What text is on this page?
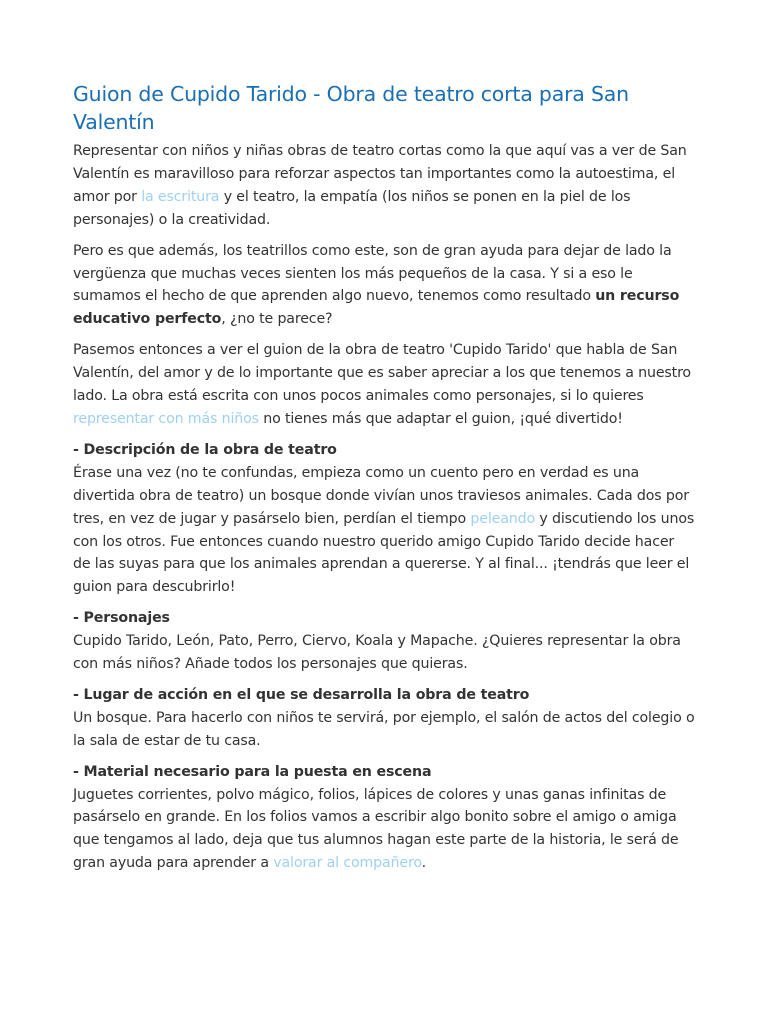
Guion de Cupido Tarido - Obra de teatro corta para San Valentín

Representar con niños y niñas obras de teatro cortas como la que aquí vas a ver de San Valentín es maravilloso para reforzar aspectos tan importantes como la autoestima, el amor por la escritura y el teatro, la empatía (los niños se ponen en la piel de los personajes) o la creatividad.

Pero es que además, los teatrillos como este, son de gran ayuda para dejar de lado la vergüenza que muchas veces sienten los más pequeños de la casa. Y si a eso le sumamos el hecho de que aprenden algo nuevo, tenemos como resultado un recurso educativo perfecto, ¿no te parece?

Pasemos entonces a ver el guion de la obra de teatro 'Cupido Tarido' que habla de San Valentín, del amor y de lo importante que es saber apreciar a los que tenemos a nuestro lado. La obra está escrita con unos pocos animales como personajes, si lo quieres representar con más niños no tienes más que adaptar el guion, ¡qué divertido!

- Descripción de la obra de teatro
Érase una vez (no te confundas, empieza como un cuento pero en verdad es una divertida obra de teatro) un bosque donde vivían unos traviesos animales. Cada dos por tres, en vez de jugar y pasárselo bien, perdían el tiempo peleando y discutiendo los unos con los otros. Fue entonces cuando nuestro querido amigo Cupido Tarido decide hacer de las suyas para que los animales aprendan a quererse. Y al final... ¡tendrás que leer el guion para descubrirlo!

- Personajes
Cupido Tarido, León, Pato, Perro, Ciervo, Koala y Mapache. ¿Quieres representar la obra con más niños? Añade todos los personajes que quieras.

- Lugar de acción en el que se desarrolla la obra de teatro
Un bosque. Para hacerlo con niños te servirá, por ejemplo, el salón de actos del colegio o la sala de estar de tu casa.

- Material necesario para la puesta en escena
Juguetes corrientes, polvo mágico, folios, lápices de colores y unas ganas infinitas de pasárselo en grande. En los folios vamos a escribir algo bonito sobre el amigo o amiga que tengamos al lado, deja que tus alumnos hagan este parte de la historia, le será de gran ayuda para aprender a valorar al compañero.
